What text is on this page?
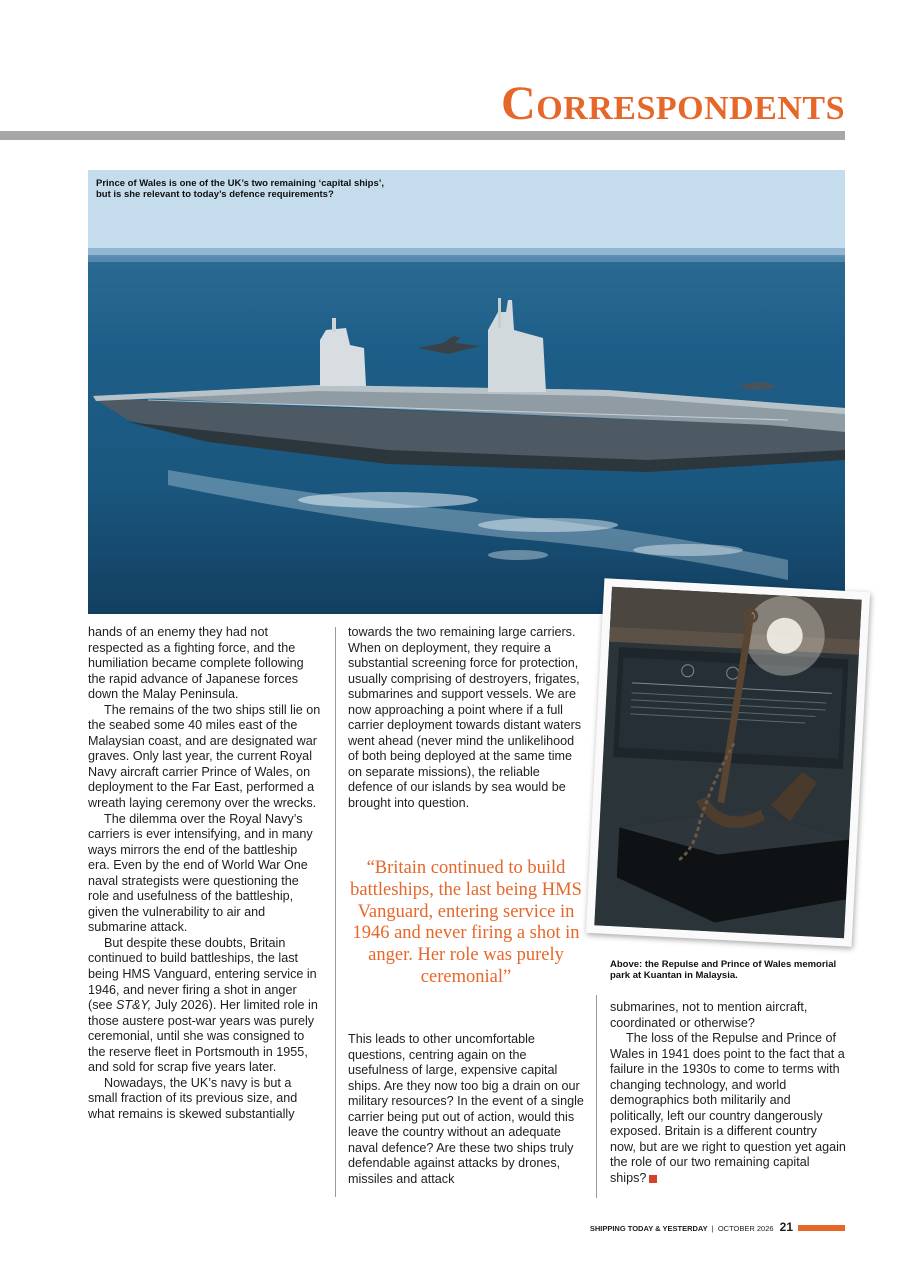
Correspondents
Prince of Wales is one of the UK’s two remaining ‘capital ships’, but is she relevant to today’s defence requirements?

hands of an enemy they had not respected as a fighting force, and the humiliation became complete following the rapid advance of Japanese forces down the Malay Peninsula.

The remains of the two ships still lie on the seabed some 40 miles east of the Malaysian coast, and are designated war graves. Only last year, the current Royal Navy aircraft carrier Prince of Wales, on deployment to the Far East, performed a wreath laying ceremony over the wrecks.

The dilemma over the Royal Navy’s carriers is ever intensifying, and in many ways mirrors the end of the battleship era. Even by the end of World War One naval strategists were questioning the role and usefulness of the battleship, given the vulnerability to air and submarine attack.

But despite these doubts, Britain continued to build battleships, the last being HMS Vanguard, entering service in 1946, and never firing a shot in anger (see ST&Y, July 2026). Her limited role in those austere post-war years was purely ceremonial, until she was consigned to the reserve fleet in Portsmouth in 1955, and sold for scrap five years later.

Nowadays, the UK’s navy is but a small fraction of its previous size, and what remains is skewed substantially

towards the two remaining large carriers. When on deployment, they require a substantial screening force for protection, usually comprising of destroyers, frigates, submarines and support vessels. We are now approaching a point where if a full carrier deployment towards distant waters went ahead (never mind the unlikelihood of both being deployed at the same time on separate missions), the reliable defence of our islands by sea would be brought into question.

“Britain continued to build battleships, the last being HMS Vanguard, entering service in 1946 and never firing a shot in anger. Her role was purely ceremonial”

This leads to other uncomfortable questions, centring again on the usefulness of large, expensive capital ships. Are they now too big a drain on our military resources? In the event of a single carrier being put out of action, would this leave the country without an adequate naval defence? Are these two ships truly defendable against attacks by drones, missiles and attack

Above: the Repulse and Prince of Wales memorial park at Kuantan in Malaysia.

submarines, not to mention aircraft, coordinated or otherwise?

The loss of the Repulse and Prince of Wales in 1941 does point to the fact that a failure in the 1930s to come to terms with changing technology, and world demographics both militarily and politically, left our country dangerously exposed. Britain is a different country now, but are we right to question yet again the role of our two remaining capital ships?

SHIPPING TODAY & YESTERDAY | OCTOBER 2026 21
